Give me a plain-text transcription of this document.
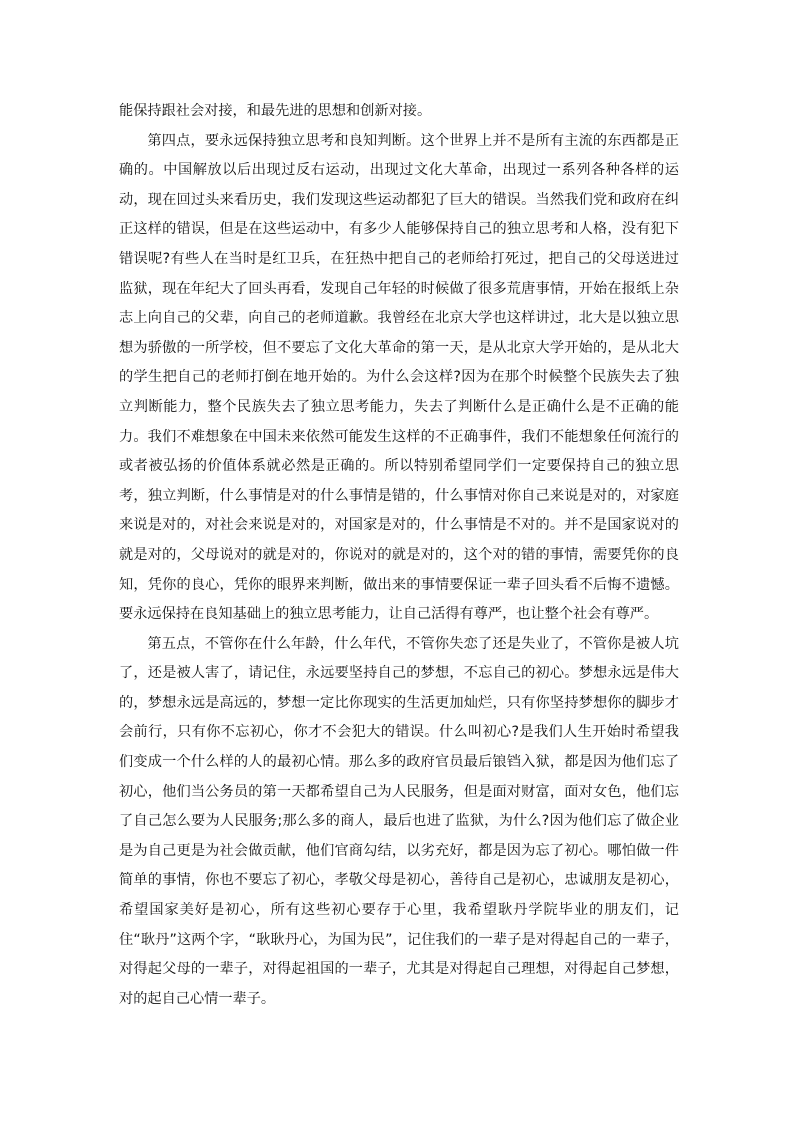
能保持跟社会对接，和最先进的思想和创新对接。

第四点，要永远保持独立思考和良知判断。这个世界上并不是所有主流的东西都是正确的。中国解放以后出现过反右运动，出现过文化大革命，出现过一系列各种各样的运动，现在回过头来看历史，我们发现这些运动都犯了巨大的错误。当然我们党和政府在纠正这样的错误，但是在这些运动中，有多少人能够保持自己的独立思考和人格，没有犯下错误呢?有些人在当时是红卫兵，在狂热中把自己的老师给打死过，把自己的父母送进过监狱，现在年纪大了回头再看，发现自己年轻的时候做了很多荒唐事情，开始在报纸上杂志上向自己的父辈，向自己的老师道歉。我曾经在北京大学也这样讲过，北大是以独立思想为骄傲的一所学校，但不要忘了文化大革命的第一天，是从北京大学开始的，是从北大的学生把自己的老师打倒在地开始的。为什么会这样?因为在那个时候整个民族失去了独立判断能力，整个民族失去了独立思考能力，失去了判断什么是正确什么是不正确的能力。我们不难想象在中国未来依然可能发生这样的不正确事件，我们不能想象任何流行的或者被弘扬的价值体系就必然是正确的。所以特别希望同学们一定要保持自己的独立思考，独立判断，什么事情是对的什么事情是错的，什么事情对你自己来说是对的，对家庭来说是对的，对社会来说是对的，对国家是对的，什么事情是不对的。并不是国家说对的就是对的，父母说对的就是对的，你说对的就是对的，这个对的错的事情，需要凭你的良知，凭你的良心，凭你的眼界来判断，做出来的事情要保证一辈子回头看不后悔不遗憾。要永远保持在良知基础上的独立思考能力，让自己活得有尊严，也让整个社会有尊严。

第五点，不管你在什么年龄，什么年代，不管你失恋了还是失业了，不管你是被人坑了，还是被人害了，请记住，永远要坚持自己的梦想，不忘自己的初心。梦想永远是伟大的，梦想永远是高远的，梦想一定比你现实的生活更加灿烂，只有你坚持梦想你的脚步才会前行，只有你不忘初心，你才不会犯大的错误。什么叫初心?是我们人生开始时希望我们变成一个什么样的人的最初心情。那么多的政府官员最后锒铛入狱，都是因为他们忘了初心，他们当公务员的第一天都希望自己为人民服务，但是面对财富，面对女色，他们忘了自己怎么要为人民服务;那么多的商人，最后也进了监狱，为什么?因为他们忘了做企业是为自己更是为社会做贡献，他们官商勾结，以劣充好，都是因为忘了初心。哪怕做一件简单的事情，你也不要忘了初心，孝敬父母是初心，善待自己是初心，忠诚朋友是初心，希望国家美好是初心，所有这些初心要存于心里，我希望耿丹学院毕业的朋友们，记住“耿丹”这两个字，“耿耿丹心，为国为民”，记住我们的一辈子是对得起自己的一辈子，对得起父母的一辈子，对得起祖国的一辈子，尤其是对得起自己理想，对得起自己梦想，对的起自己心情一辈子。
